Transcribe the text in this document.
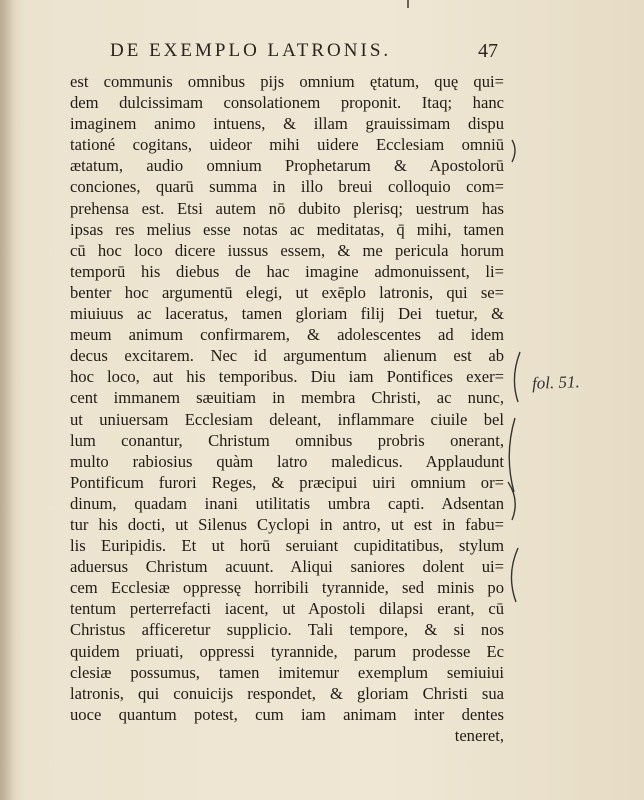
DE EXEMPLO LATRONIS.	47
est communis omnibus pijs omnium ętatum, quę qui=
dem dulcissimam consolationem proponit. Itaq; hanc
imaginem animo intuens, & illam grauissimam dispu
tationé cogitans, uideor mihi uidere Ecclesiam omniū
ætatum, audio omnium Prophetarum & Apostolorū
conciones, quarū summa in illo breui colloquio com=
prehensa est. Etsi autem nō dubito plerisq; uestrum has
ipsas res melius esse notas ac meditatas, q̄ mihi, tamen
cū hoc loco dicere iussus essem, & me pericula horum
temporū his diebus de hac imagine admonuissent, li=
benter hoc argumentū elegi, ut exēplo latronis, qui se=
miuiuus ac laceratus, tamen gloriam filij Dei tuetur, &
meum animum confirmarem, & adolescentes ad idem
decus excitarem. Nec id argumentum alienum est ab
hoc loco, aut his temporibus. Diu iam Pontifices exer=
cent immanem sæuitiam in membra Christi, ac nunc,
ut uniuersam Ecclesiam deleant, inflammare ciuile bel
lum conantur, Christum omnibus probris onerant,
multo rabiosius quàm latro maledicus. Applaudunt
Pontificum furori Reges, & præcipui uiri omnium or=
dinum, quadam inani utilitatis umbra capti. Adsentan
tur his docti, ut Silenus Cyclopi in antro, ut est in fabu=
lis Euripidis. Et ut horū seruiant cupiditatibus, stylum
aduersus Christum acuunt. Aliqui saniores dolent ui=
cem Ecclesiæ oppressę horribili tyrannide, sed minis po
tentum perterrefacti iacent, ut Apostoli dilapsi erant, cū
Christus afficeretur supplicio. Tali tempore, & si nos
quidem priuati, oppressi tyrannide, parum prodesse Ec
clesiæ possumus, tamen imitemur exemplum semiuiui
latronis, qui conuicijs respondet, & gloriam Christi sua
uoce quantum potest, cum iam animam inter dentes
teneret,
fol. 51.
